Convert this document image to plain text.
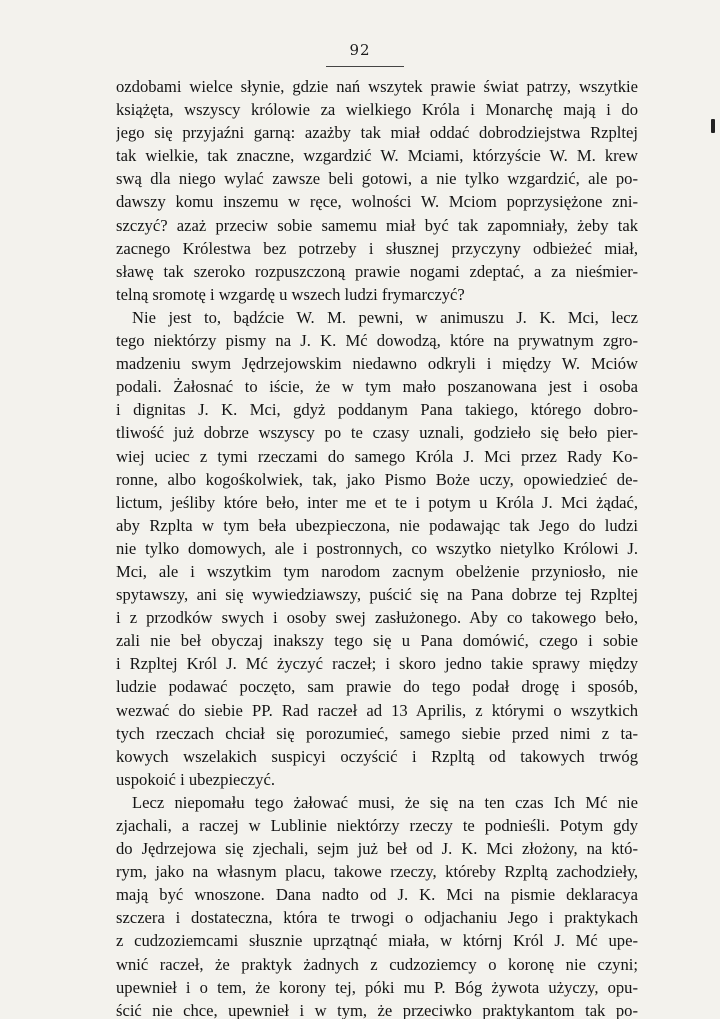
92
ozdobami wielce słynie, gdzie nań wszytek prawie świat patrzy, wszytkie
książęta, wszyscy królowie za wielkiego Króla i Monarchę mają i do
jego się przyjaźni garną: azażby tak miał oddać dobrodziejstwa Rzpltej
tak wielkie, tak znaczne, wzgardzić W. Mciami, którzyście W. M. krew
swą dla niego wylać zawsze beli gotowi, a nie tylko wzgardzić, ale po-
dawszy komu inszemu w ręce, wolności W. Mciom poprzysiężone zni-
szczyć? azaż przeciw sobie samemu miał być tak zapomniały, żeby tak
zacnego Królestwa bez potrzeby i słusznej przyczyny odbieżeć miał,
sławę tak szeroko rozpuszczoną prawie nogami zdeptać, a za nieśmier-
telną sromotę i wzgardę u wszech ludzi frymarczyć?
Nie jest to, bądźcie W. M. pewni, w animuszu J. K. Mci, lecz
tego niektórzy pismy na J. K. Mć dowodzą, które na prywatnym zgro-
madzeniu swym Jędrzejowskim niedawno odkryli i między W. Mciów
podali. Żałosnać to iście, że w tym mało poszanowana jest i osoba
i dignitas J. K. Mci, gdyż poddanym Pana takiego, którego dobro-
tliwość już dobrze wszyscy po te czasy uznali, godzieło się beło pier-
wiej uciec z tymi rzeczami do samego Króla J. Mci przez Rady Ko-
ronne, albo kogośkolwiek, tak, jako Pismo Boże uczy, opowiedzieć de-
lictum, jeśliby które beło, inter me et te i potym u Króla J. Mci żądać,
aby Rzplta w tym beła ubezpieczona, nie podawając tak Jego do ludzi
nie tylko domowych, ale i postronnych, co wszytko nietylko Królowi J.
Mci, ale i wszytkim tym narodom zacnym obelżenie przyniosło, nie
spytawszy, ani się wywiedziawszy, puścić się na Pana dobrze tej Rzpltej
i z przodków swych i osoby swej zasłużonego. Aby co takowego beło,
zali nie beł obyczaj inakszy tego się u Pana domówić, czego i sobie
i Rzpltej Król J. Mć życzyć raczeł; i skoro jedno takie sprawy między
ludzie podawać poczęto, sam prawie do tego podał drogę i sposób,
wezwać do siebie PP. Rad raczeł ad 13 Aprilis, z którymi o wszytkich
tych rzeczach chciał się porozumieć, samego siebie przed nimi z ta-
kowych wszelakich suspicyi oczyścić i Rzpltą od takowych trwóg
uspokoić i ubezpieczyć.
Lecz niepomału tego żałować musi, że się na ten czas Ich Mć nie
zjachali, a raczej w Lublinie niektórzy rzeczy te podnieśli. Potym gdy
do Jędrzejowa się zjechali, sejm już beł od J. K. Mci złożony, na któ-
rym, jako na własnym placu, takowe rzeczy, któreby Rzpltą zachodziełу,
mają być wnoszone. Dana nadto od J. K. Mci na pismie deklaracya
szczera i dostateczna, która te trwogi o odjachaniu Jego i praktykach
z cudzoziemcami słusznie uprzątnąć miała, w którnj Król J. Mć upe-
wnić raczeł, że praktyk żadnych z cudzoziemcy o koronę nie czyni;
upewnieł i o tem, że korony tej, póki mu P. Bóg żywota użyczy, opu-
ścić nie chce, upewnieł i w tym, że przeciwko praktykantom tak po-
